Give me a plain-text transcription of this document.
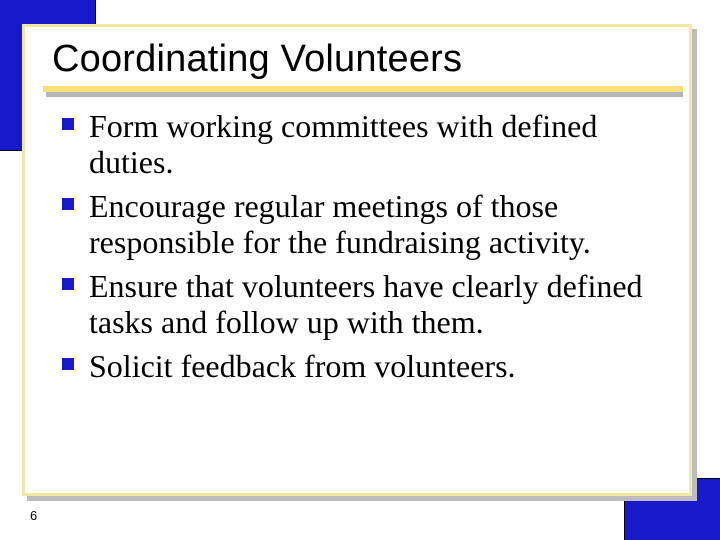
Coordinating Volunteers
Form working committees with defined duties.
Encourage regular meetings of those responsible for the fundraising activity.
Ensure that volunteers have clearly defined tasks and follow up with them.
Solicit feedback from volunteers.
6
